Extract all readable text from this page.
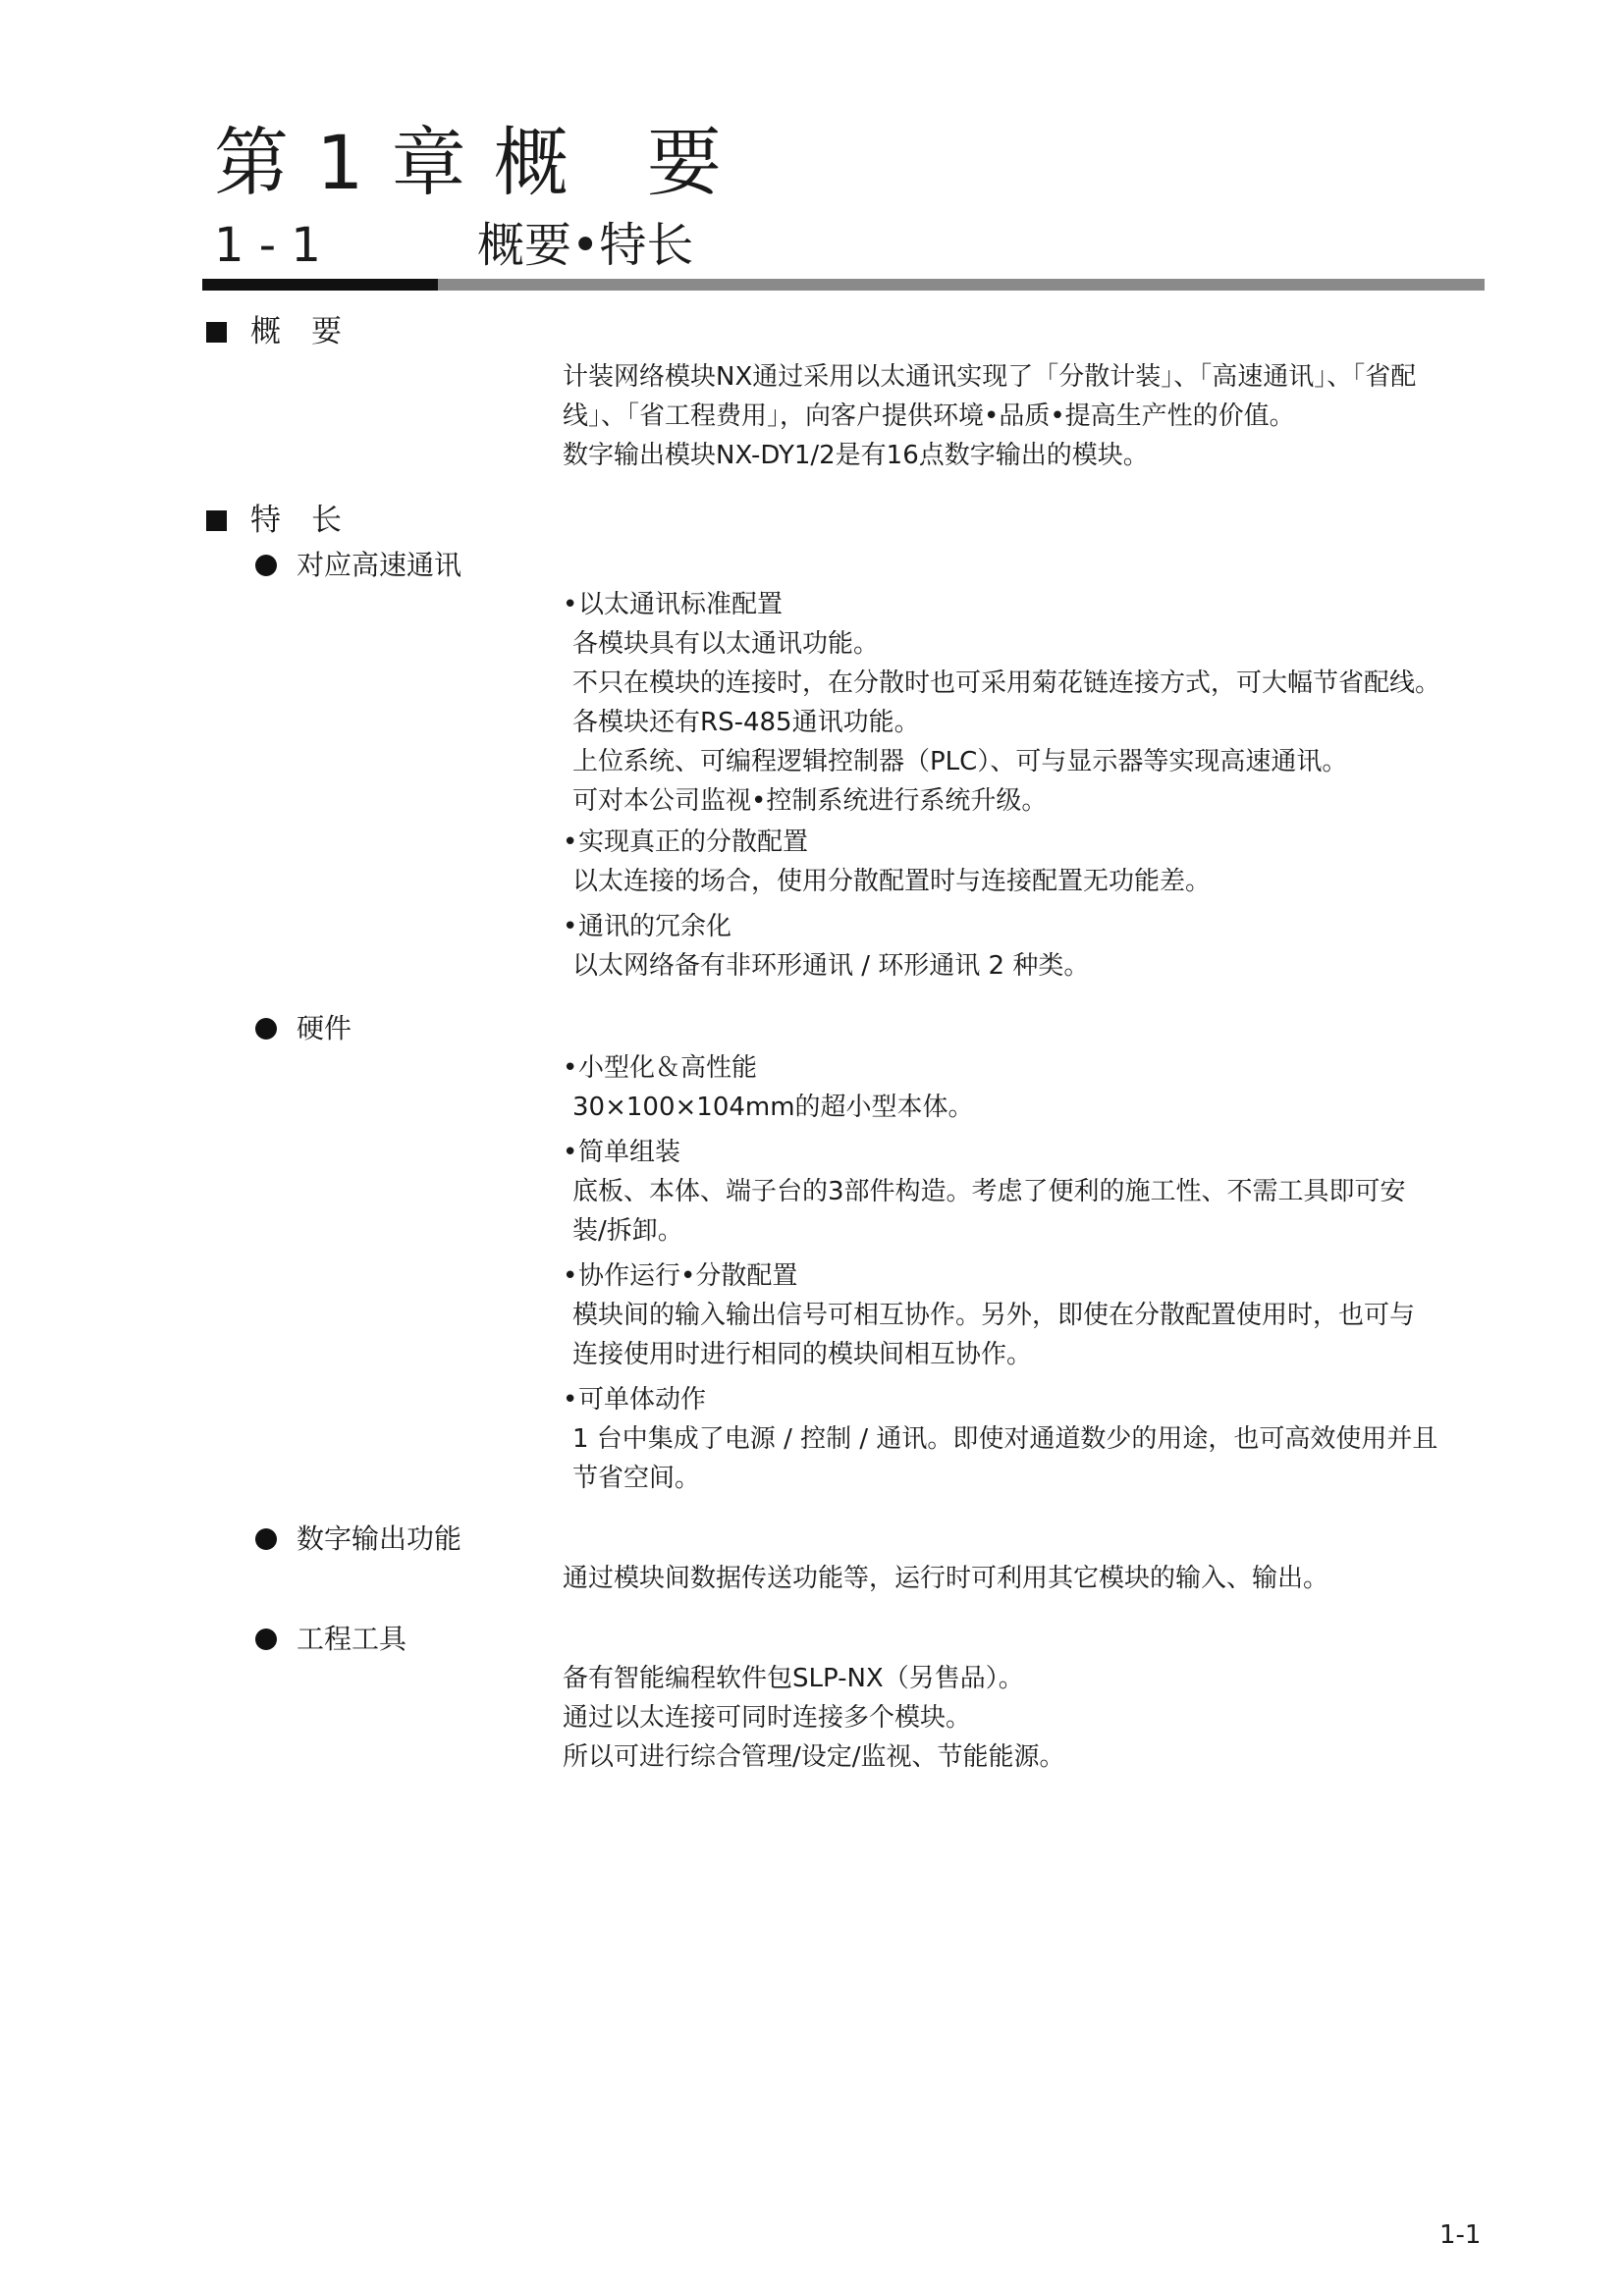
第 1 章 概　要
1 - 1	概要•特长
概　要
计装网络模块NX通过采用以太通讯实现了「分散计装」、「高速通讯」、「省配
线」、「省工程费用」，向客户提供环境•品质•提高生产性的价值。
数字输出模块NX-DY1/2是有16点数字输出的模块。
特　长
对应高速通讯
•以太通讯标准配置
各模块具有以太通讯功能。
不只在模块的连接时，在分散时也可采用菊花链连接方式，可大幅节省配线。
各模块还有RS-485通讯功能。
上位系统、可编程逻辑控制器（PLC）、可与显示器等实现高速通讯。
可对本公司监视•控制系统进行系统升级。
•实现真正的分散配置
以太连接的场合，使用分散配置时与连接配置无功能差。
•通讯的冗余化
以太网络备有非环形通讯 / 环形通讯 2 种类。
硬件
•小型化＆高性能
30×100×104mm的超小型本体。
•简单组装
底板、本体、端子台的3部件构造。考虑了便利的施工性、不需工具即可安
装/拆卸。
•协作运行•分散配置
模块间的输入输出信号可相互协作。另外，即使在分散配置使用时，也可与
连接使用时进行相同的模块间相互协作。
•可单体动作
1 台中集成了电源 / 控制 / 通讯。即使对通道数少的用途，也可高效使用并且
节省空间。
数字输出功能
通过模块间数据传送功能等，运行时可利用其它模块的输入、输出。
工程工具
备有智能编程软件包SLP-NX（另售品）。
通过以太连接可同时连接多个模块。
所以可进行综合管理/设定/监视、节能能源。
1-1
